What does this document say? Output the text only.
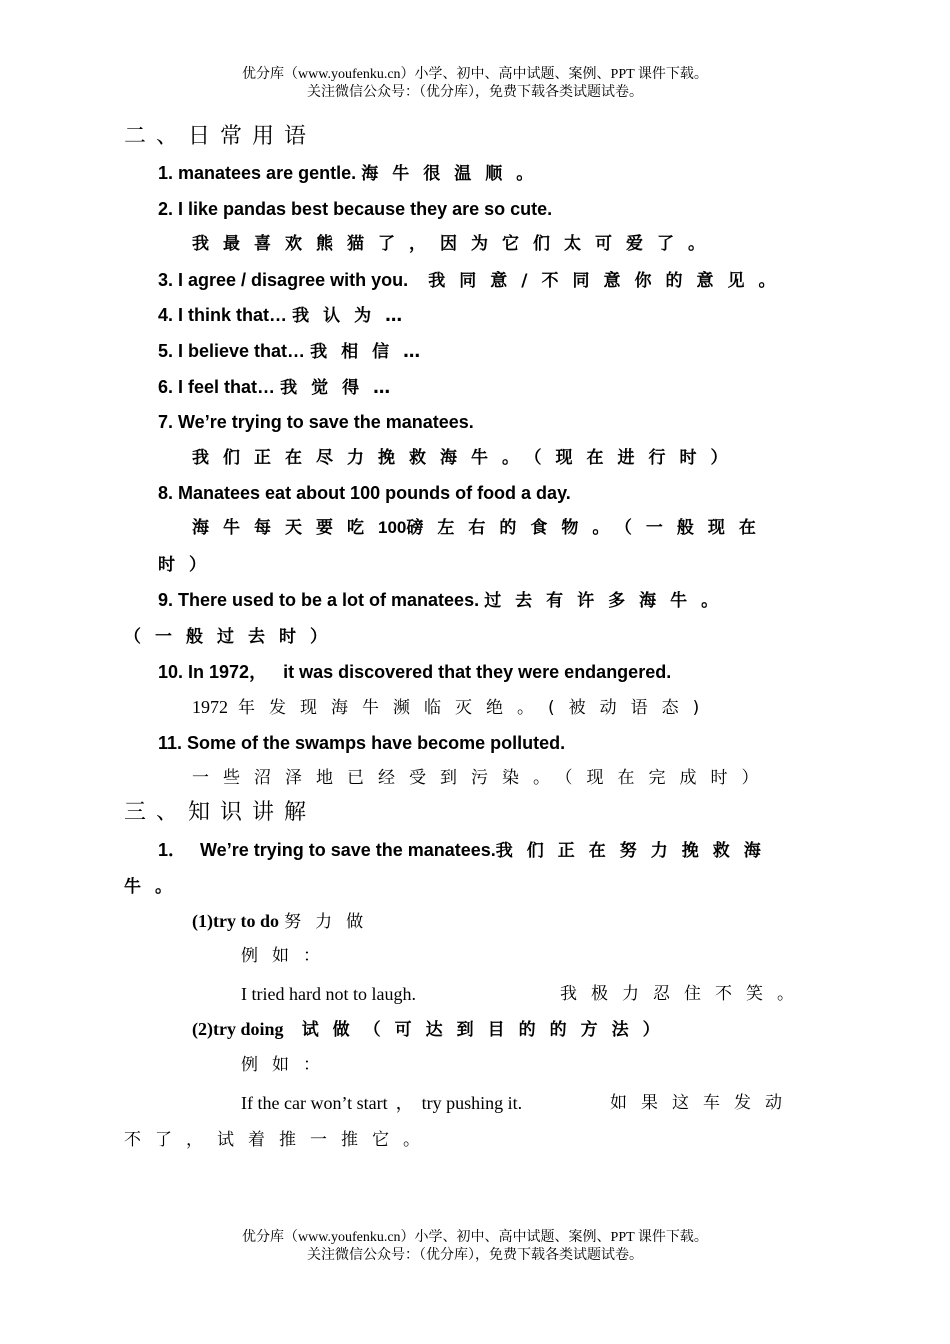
优分库（www.youfenku.cn）小学、初中、高中试题、案例、PPT 课件下载。
关注微信公众号：（优分库），免费下载各类试题试卷。
二、日常用语
1. manatees are gentle. 海牛很温顺。
2. I like pandas best because they are so cute.
我最喜欢熊猫了，因为它们太可爱了。
3. I agree / disagree with you. 我同意/不同意你的意见。
4. I think that… 我认为…
5. I believe that… 我相信…
6. I feel that… 我觉得…
7. We’re trying to save the manatees.
我们正在尽力挽救海牛。（现在进行时）
8. Manatees eat about 100 pounds of food a day.
海牛每天要吃100磅左右的食物。（一般现在
时）
9. There used to be a lot of manatees. 过去有许多海牛。
（一般过去时）
10. In 1972， it was discovered that they were endangered.
1972 年发现海牛濒临灭绝。(被动语态)
11. Some of the swamps have become polluted.
一些沼泽地已经受到污染。（现在完成时）
三、知识讲解
1． We’re trying to save the manatees.我们正在努力挽救海
牛。
(1)try to do 努力做
例如：
I tried hard not to laugh.	我极力忍住不笑。
(2)try doing 试做（可达到目的的方法）
例如：
If the car won’t start ， try pushing it.	如果这车发动
不了，试着推一推它。
优分库（www.youfenku.cn）小学、初中、高中试题、案例、PPT 课件下载。
关注微信公众号：（优分库），免费下载各类试题试卷。
